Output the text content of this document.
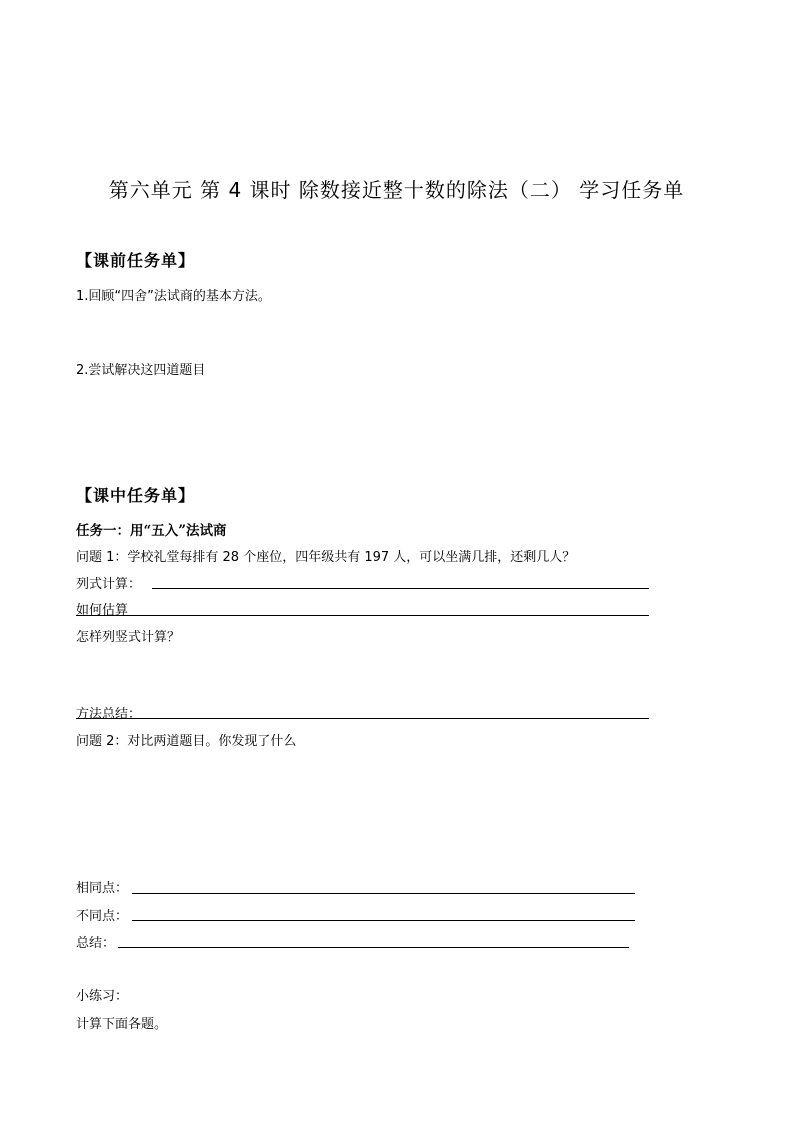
第六单元 第 4 课时 除数接近整十数的除法（二） 学习任务单
【课前任务单】
1.回顾“四舍”法试商的基本方法。
2.尝试解决这四道题目
【课中任务单】
任务一：用“五入”法试商
问题 1：学校礼堂每排有 28 个座位，四年级共有 197 人，可以坐满几排，还剩几人？
列式计算：
如何估算
怎样列竖式计算？
方法总结：
问题 2：对比两道题目。你发现了什么
相同点：
不同点：
总结：
小练习：
计算下面各题。
